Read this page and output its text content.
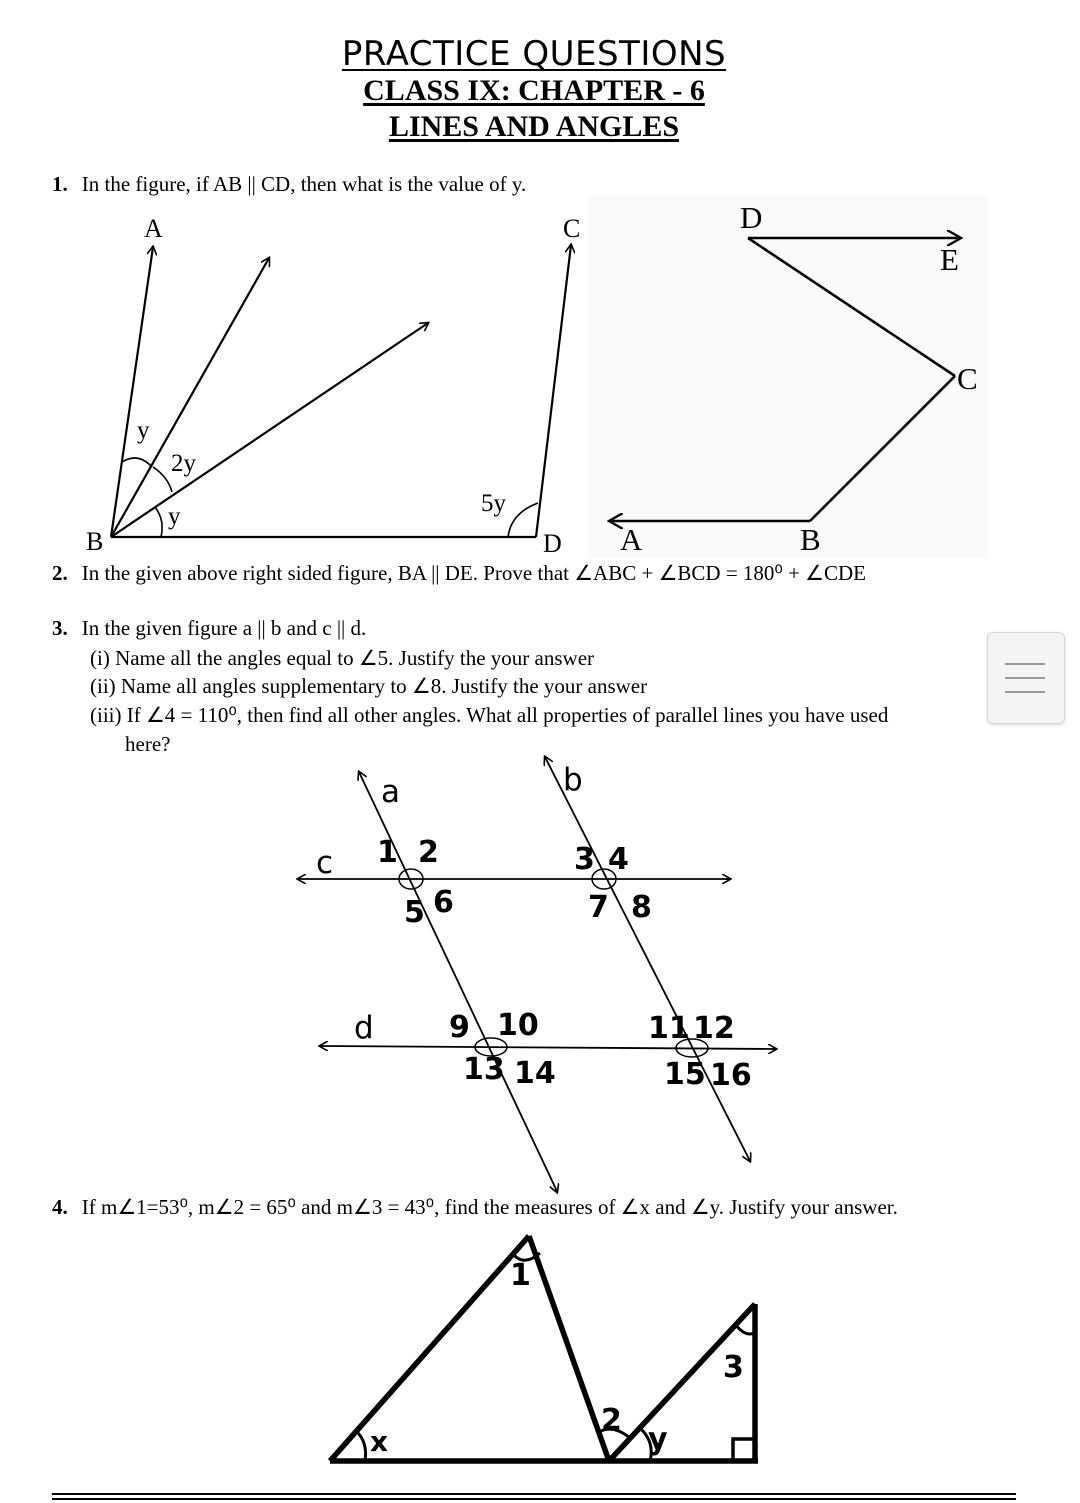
PRACTICE QUESTIONS
CLASS IX: CHAPTER - 6
LINES AND ANGLES
1. In the figure, if AB || CD, then what is the value of y.
2. In the given above right sided figure, BA || DE. Prove that ∠ABC + ∠BCD = 180⁰ + ∠CDE
3. In the given figure a || b and c || d.
(i) Name all the angles equal to ∠5. Justify the your answer
(ii) Name all angles supplementary to ∠8. Justify the your answer
(iii) If ∠4 = 110⁰, then find all other angles. What all properties of parallel lines you have used
here?
4. If m∠1=53⁰, m∠2 = 65⁰ and m∠3 = 43⁰, find the measures of ∠x and ∠y. Justify your answer.
A	C
B	D
y
2y
y	5y
D
E
C
A	B
a	b
c
d
1 2
5 6
3 4
7 8
9 10
13 14
11 12
15 16
1
2
3
x	y
